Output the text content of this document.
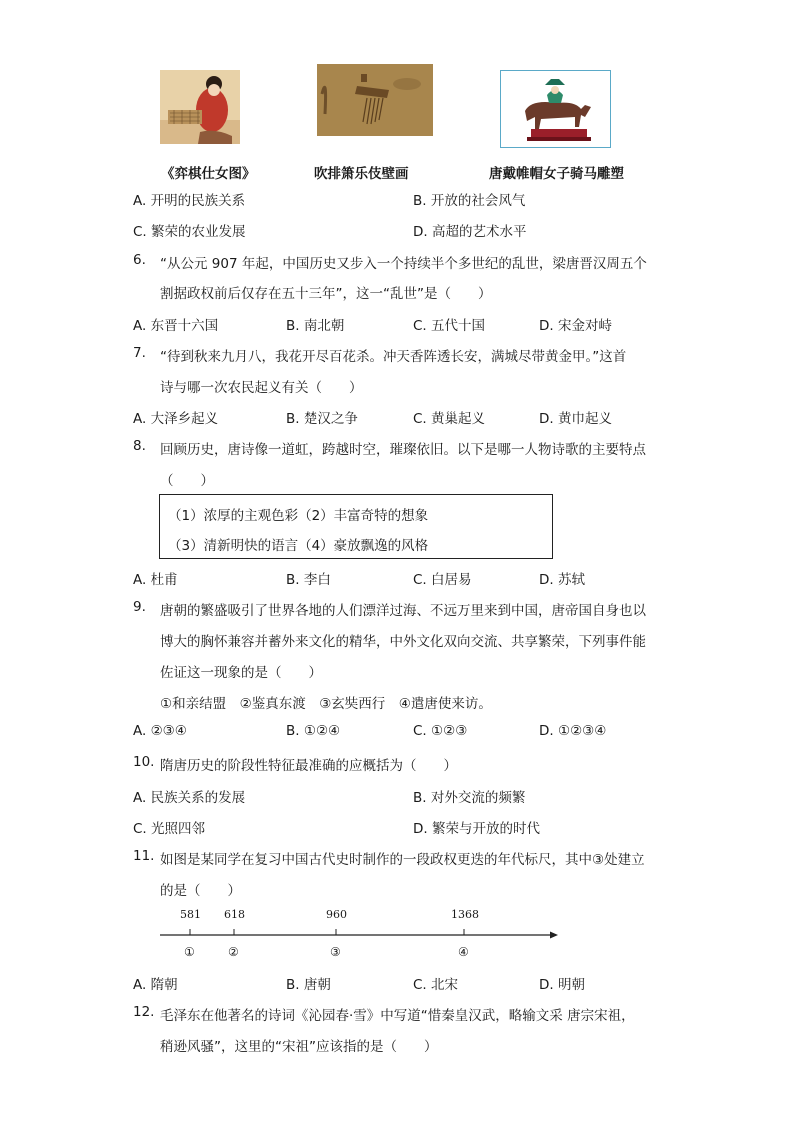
《弈棋仕女图》	吹排箫乐伎壁画	唐戴帷帽女子骑马雕塑
A. 开明的民族关系	B. 开放的社会风气
C. 繁荣的农业发展	D. 高超的艺术水平
6. “从公元 907 年起，中国历史又步入一个持续半个多世纪的乱世，梁唐晋汉周五个
割据政权前后仅存在五十三年”，这一“乱世”是（　　）
A. 东晋十六国	B. 南北朝	C. 五代十国	D. 宋金对峙
7. “待到秋来九月八，我花开尽百花杀。冲天香阵透长安，满城尽带黄金甲。”这首
诗与哪一次农民起义有关（　　）
A. 大泽乡起义	B. 楚汉之争	C. 黄巢起义	D. 黄巾起义
8. 回顾历史，唐诗像一道虹，跨越时空，璀璨依旧。以下是哪一人物诗歌的主要特点
（　　）
（1）浓厚的主观色彩（2）丰富奇特的想象
（3）清新明快的语言（4）豪放飘逸的风格
A. 杜甫	B. 李白	C. 白居易	D. 苏轼
9. 唐朝的繁盛吸引了世界各地的人们漂洋过海、不远万里来到中国，唐帝国自身也以
博大的胸怀兼容并蓄外来文化的精华，中外文化双向交流、共享繁荣，下列事件能
佐证这一现象的是（　　）
①和亲结盟　②鉴真东渡　③玄奘西行　④遣唐使来访。
A. ②③④	B. ①②④	C. ①②③	D. ①②③④
10. 隋唐历史的阶段性特征最准确的应概括为（　　）
A. 民族关系的发展	B. 对外交流的频繁
C. 光照四邻	D. 繁荣与开放的时代
11. 如图是某同学在复习中国古代史时制作的一段政权更迭的年代标尺，其中③处建立
的是（　　）
581 618	960	1368
①	②	③	④
A. 隋朝	B. 唐朝	C. 北宋	D. 明朝
12. 毛泽东在他著名的诗词《沁园春·雪》中写道“惜秦皇汉武，略输文采 唐宗宋祖，
稍逊风骚”，这里的“宋祖”应该指的是（　　）
